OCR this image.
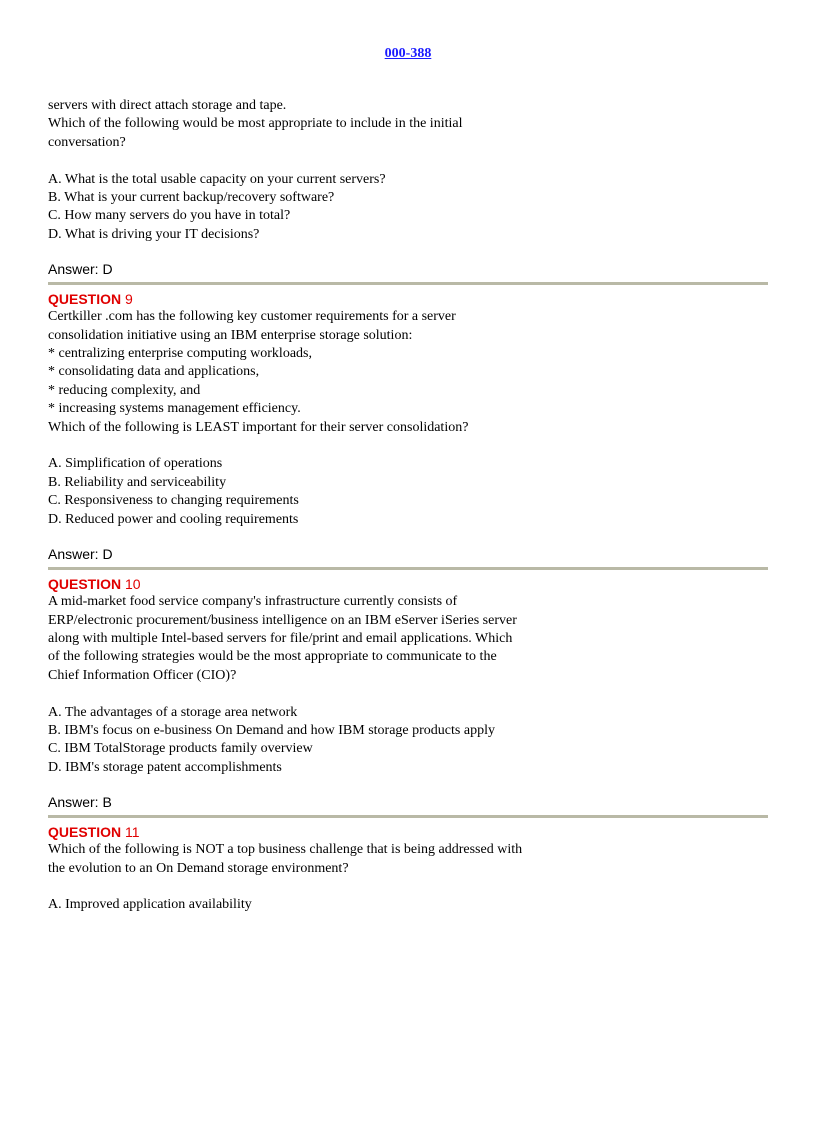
000-388
servers with direct attach storage and tape.
Which of the following would be most appropriate to include in the initial
conversation?
A. What is the total usable capacity on your current servers?
B. What is your current backup/recovery software?
C. How many servers do you have in total?
D. What is driving your IT decisions?
Answer: D
QUESTION 9
Certkiller .com has the following key customer requirements for a server
consolidation initiative using an IBM enterprise storage solution:
* centralizing enterprise computing workloads,
* consolidating data and applications,
* reducing complexity, and
* increasing systems management efficiency.
Which of the following is LEAST important for their server consolidation?
A. Simplification of operations
B. Reliability and serviceability
C. Responsiveness to changing requirements
D. Reduced power and cooling requirements
Answer: D
QUESTION 10
A mid-market food service company's infrastructure currently consists of
ERP/electronic procurement/business intelligence on an IBM eServer iSeries server
along with multiple Intel-based servers for file/print and email applications. Which
of the following strategies would be the most appropriate to communicate to the
Chief Information Officer (CIO)?
A. The advantages of a storage area network
B. IBM's focus on e-business On Demand and how IBM storage products apply
C. IBM TotalStorage products family overview
D. IBM's storage patent accomplishments
Answer: B
QUESTION 11
Which of the following is NOT a top business challenge that is being addressed with
the evolution to an On Demand storage environment?
A. Improved application availability
